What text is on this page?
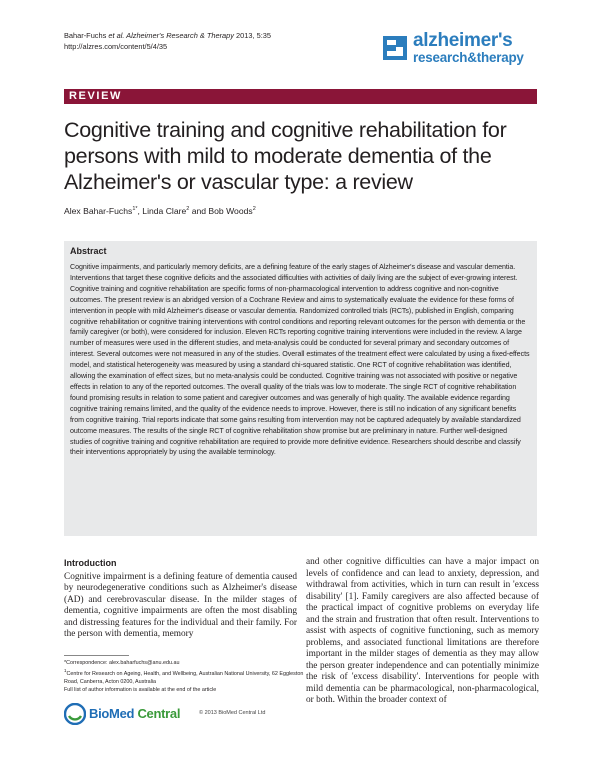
Bahar-Fuchs et al. Alzheimer's Research & Therapy 2013, 5:35
http://alzres.com/content/5/4/35	alzheimer's
research&therapy
REVIEW
Cognitive training and cognitive rehabilitation for persons with mild to moderate dementia of the Alzheimer's or vascular type: a review
Alex Bahar-Fuchs$^{1*}$, Linda Clare$^2$ and Bob Woods$^2$
Abstract
Cognitive impairments, and particularly memory deficits, are a defining feature of the early stages of Alzheimer's disease and vascular dementia. Interventions that target these cognitive deficits and the associated difficulties with activities of daily living are the subject of ever-growing interest. Cognitive training and cognitive rehabilitation are specific forms of non-pharmacological intervention to address cognitive and non-cognitive outcomes. The present review is an abridged version of a Cochrane Review and aims to systematically evaluate the evidence for these forms of intervention in people with mild Alzheimer's disease or vascular dementia. Randomized controlled trials (RCTs), published in English, comparing cognitive rehabilitation or cognitive training interventions with control conditions and reporting relevant outcomes for the person with dementia or the family caregiver (or both), were considered for inclusion. Eleven RCTs reporting cognitive training interventions were included in the review. A large number of measures were used in the different studies, and meta-analysis could be conducted for several primary and secondary outcomes of interest. Several outcomes were not measured in any of the studies. Overall estimates of the treatment effect were calculated by using a fixed-effects model, and statistical heterogeneity was measured by using a standard chi-squared statistic. One RCT of cognitive rehabilitation was identified, allowing the examination of effect sizes, but no meta-analysis could be conducted. Cognitive training was not associated with positive or negative effects in relation to any of the reported outcomes. The overall quality of the trials was low to moderate. The single RCT of cognitive rehabilitation found promising results in relation to some patient and caregiver outcomes and was generally of high quality. The available evidence regarding cognitive training remains limited, and the quality of the evidence needs to improve. However, there is still no indication of any significant benefits from cognitive training. Trial reports indicate that some gains resulting from intervention may not be captured adequately by available standardized outcome measures. The results of the single RCT of cognitive rehabilitation show promise but are preliminary in nature. Further well-designed studies of cognitive training and cognitive rehabilitation are required to provide more definitive evidence. Researchers should describe and classify their interventions appropriately by using the available terminology.
Introduction
Cognitive impairment is a defining feature of dementia caused by neurodegenerative conditions such as Alzheimer's disease (AD) and cerebrovascular disease. In the milder stages of dementia, cognitive impairments are often the most disabling and distressing features for the individual and their family. For the person with dementia, memory
and other cognitive difficulties can have a major impact on levels of confidence and can lead to anxiety, depression, and withdrawal from activities, which in turn can result in 'excess disability' [1]. Family caregivers are also affected because of the practical impact of cognitive problems on everyday life and the strain and frustration that often result. Interventions to assist with aspects of cognitive functioning, such as memory problems, and associated functional limitations are therefore important in the milder stages of dementia as they may allow the person greater independence and can potentially minimize the risk of 'excess disability'. Interventions for people with mild dementia can be pharmacological, non-pharmacological, or both. Within the broader context of
*Correspondence: alex.baharfuchs@anu.edu.au
$^1$Centre for Research on Ageing, Health, and Wellbeing, Australian National University, 62 Eggleston Road, Canberra, Acton 0200, Australia
Full list of author information is available at the end of the article
BioMed Central	© 2013 BioMed Central Ltd
